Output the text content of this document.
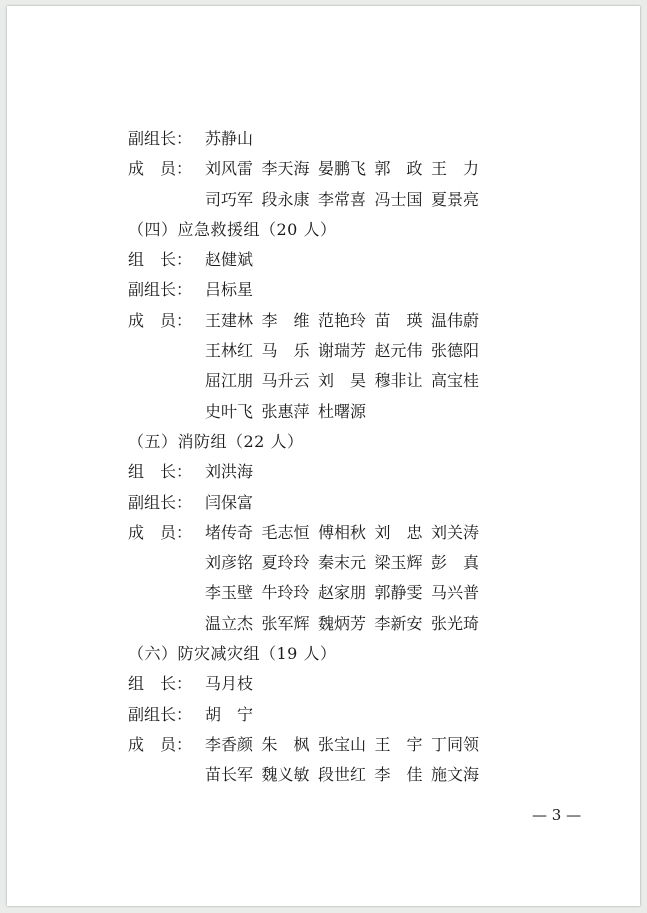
副组长： 苏静山
成　员： 刘风雷 李天海 晏鹏飞 郭　政 王　力
司巧军 段永康 李常喜 冯士国 夏景亮
（四）应急救援组（20 人）
组　长： 赵健斌
副组长： 吕标星
成　员： 王建林 李　维 范艳玲 苗　瑛 温伟蔚
王林红 马　乐 谢瑞芳 赵元伟 张德阳
屈江朋 马升云 刘　昊 穆非让 高宝桂
史叶飞 张惠萍 杜曙源
（五）消防组（22 人）
组　长： 刘洪海
副组长： 闫保富
成　员： 堵传奇 毛志恒 傅相秋 刘　忠 刘关涛
刘彦铭 夏玲玲 秦末元 梁玉辉 彭　真
李玉壁 牛玲玲 赵家朋 郭静雯 马兴普
温立杰 张军辉 魏炳芳 李新安 张光琦
（六）防灾减灾组（19 人）
组　长： 马月枝
副组长： 胡　宁
成　员： 李香颜 朱　枫 张宝山 王　宇 丁同领
苗长军 魏义敏 段世红 李　佳 施文海
— 3 —
